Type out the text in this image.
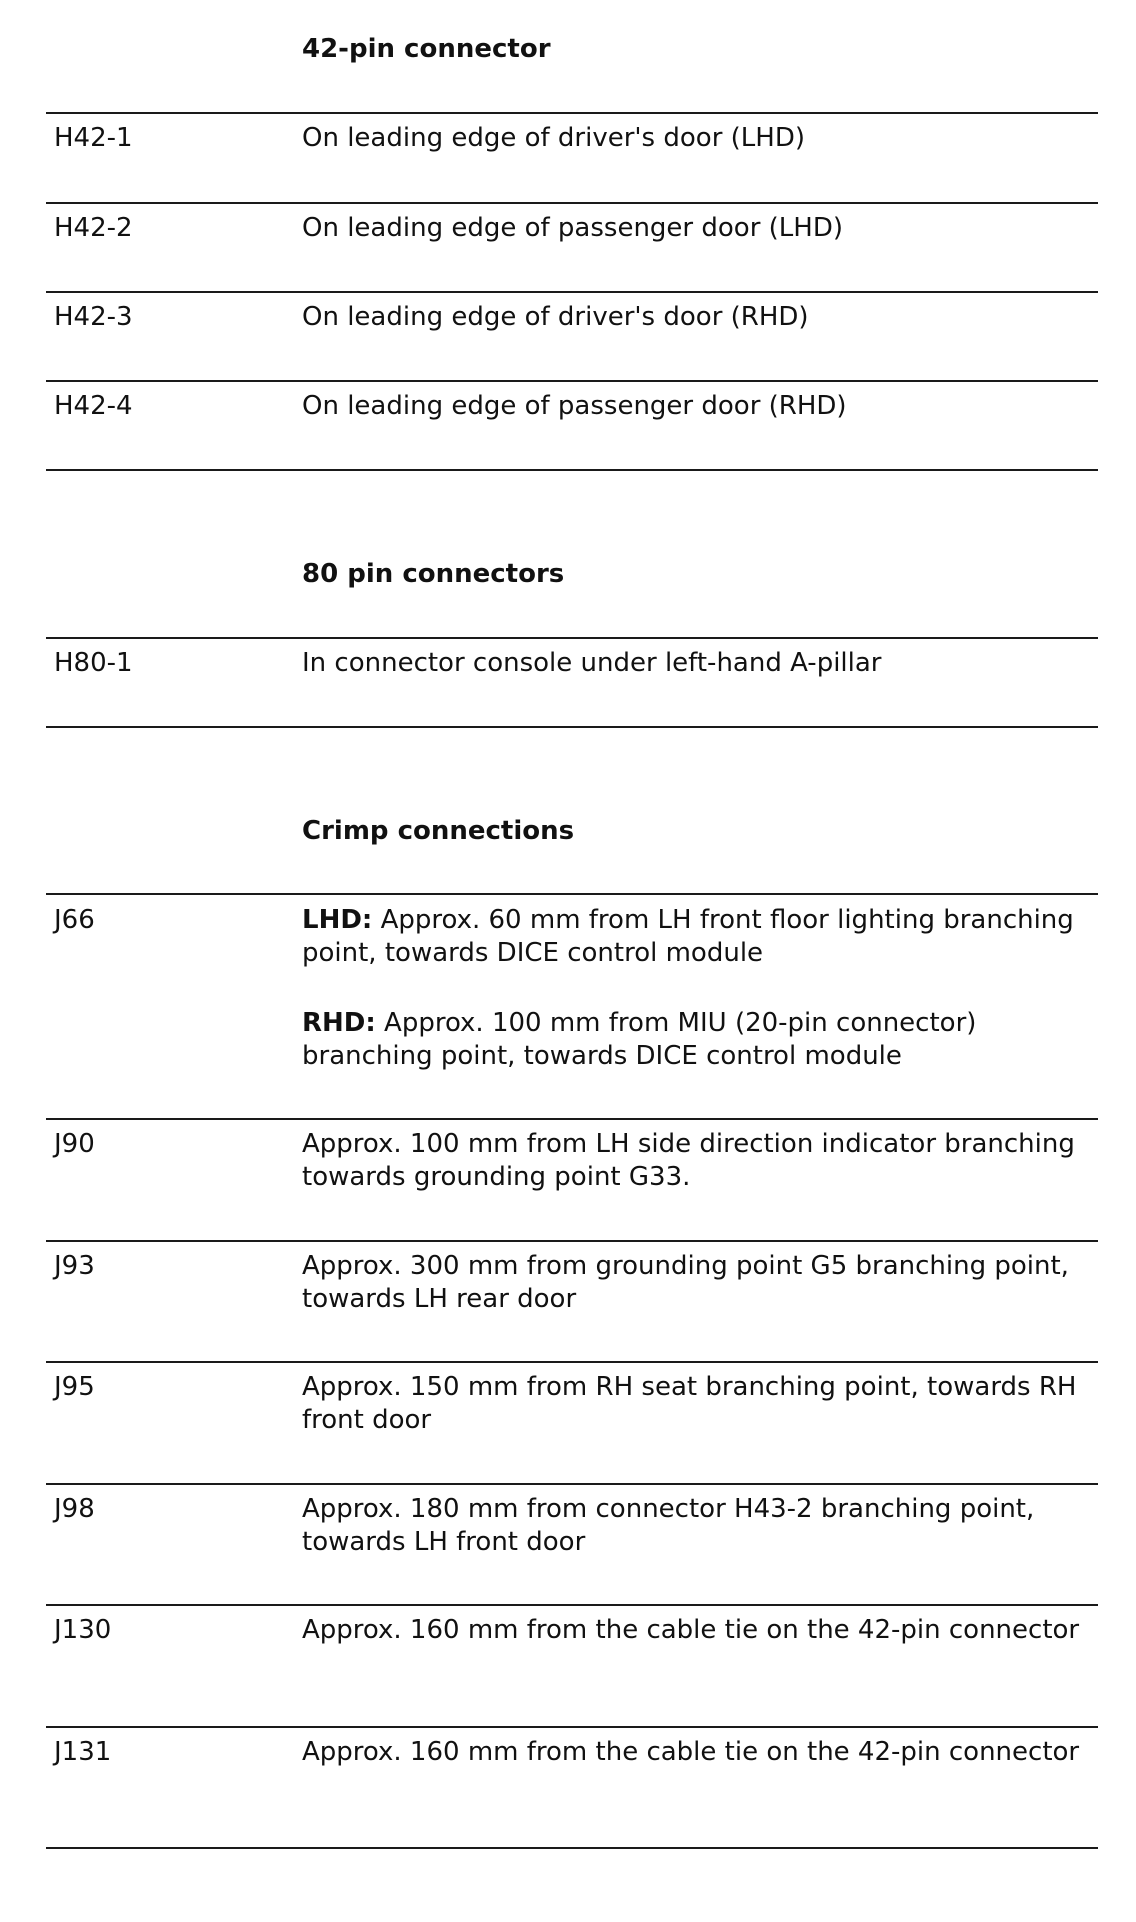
42-pin connector
H42-1	On leading edge of driver's door (LHD)
H42-2	On leading edge of passenger door (LHD)
H42-3	On leading edge of driver's door (RHD)
H42-4	On leading edge of passenger door (RHD)
80 pin connectors
H80-1	In connector console under left-hand A-pillar
Crimp connections
J66	LHD: Approx. 60 mm from LH front floor lighting branching point, towards DICE control module

RHD: Approx. 100 mm from MIU (20-pin connector) branching point, towards DICE control module

J90	Approx. 100 mm from LH side direction indicator branching towards grounding point G33.
J93	Approx. 300 mm from grounding point G5 branching point, towards LH rear door
J95	Approx. 150 mm from RH seat branching point, towards RH front door
J98	Approx. 180 mm from connector H43-2 branching point, towards LH front door
J130	Approx. 160 mm from the cable tie on the 42-pin connector
J131	Approx. 160 mm from the cable tie on the 42-pin connector
